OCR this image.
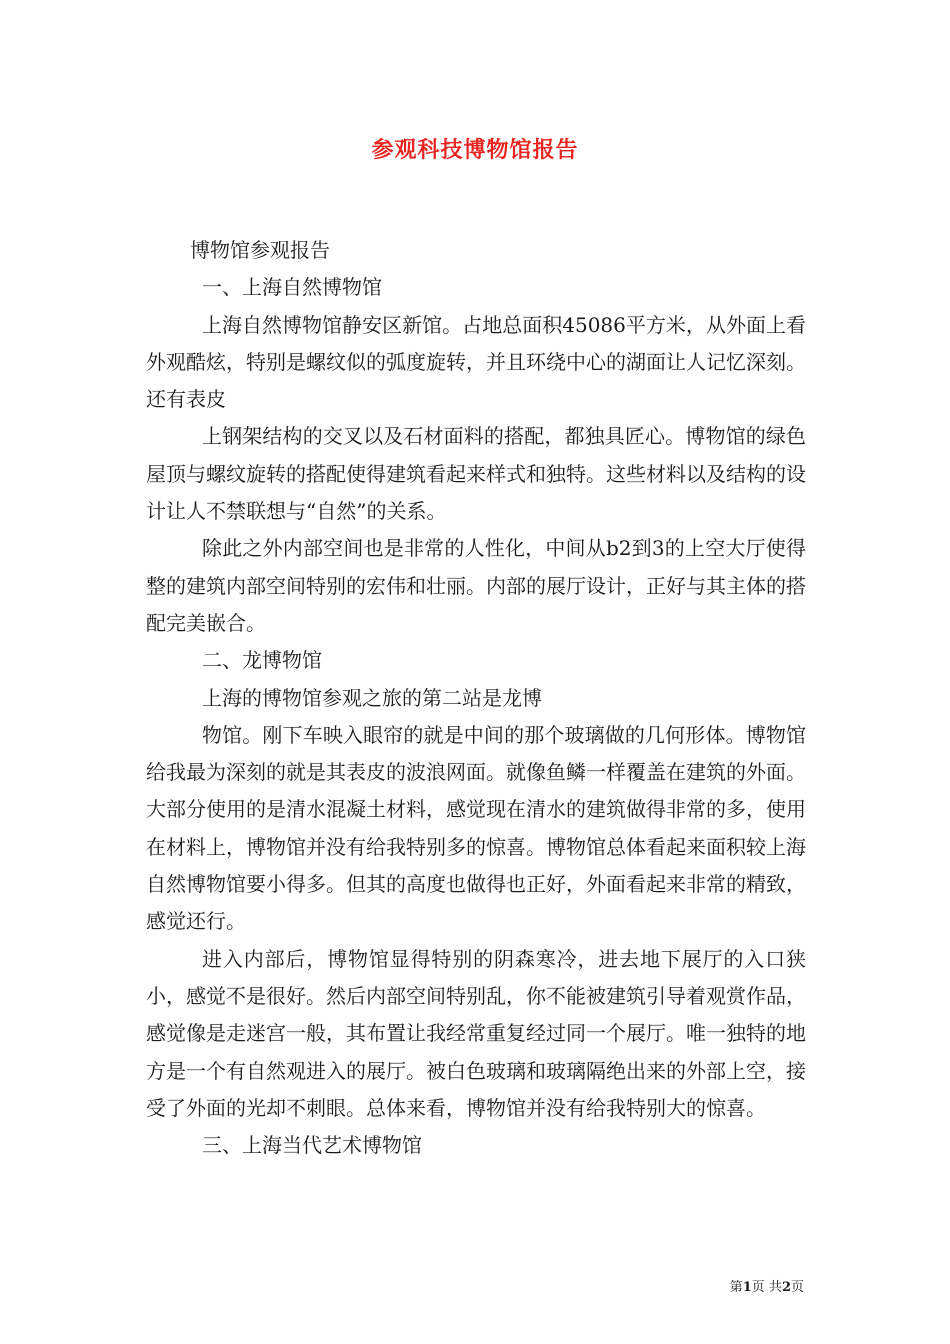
参观科技博物馆报告

博物馆参观报告

一、上海自然博物馆

上海自然博物馆静安区新馆。占地总面积45086平方米，从外面上看外观酷炫，特别是螺纹似的弧度旋转，并且环绕中心的湖面让人记忆深刻。还有表皮

上钢架结构的交叉以及石材面料的搭配，都独具匠心。博物馆的绿色屋顶与螺纹旋转的搭配使得建筑看起来样式和独特。这些材料以及结构的设计让人不禁联想与“自然”的关系。

除此之外内部空间也是非常的人性化，中间从b2到3的上空大厅使得整的建筑内部空间特别的宏伟和壮丽。内部的展厅设计，正好与其主体的搭配完美嵌合。

二、龙博物馆

上海的博物馆参观之旅的第二站是龙博

物馆。刚下车映入眼帘的就是中间的那个玻璃做的几何形体。博物馆给我最为深刻的就是其表皮的波浪网面。就像鱼鳞一样覆盖在建筑的外面。大部分使用的是清水混凝土材料，感觉现在清水的建筑做得非常的多，使用在材料上，博物馆并没有给我特别多的惊喜。博物馆总体看起来面积较上海自然博物馆要小得多。但其的高度也做得也正好，外面看起来非常的精致，感觉还行。

进入内部后，博物馆显得特别的阴森寒冷，进去地下展厅的入口狭小，感觉不是很好。然后内部空间特别乱，你不能被建筑引导着观赏作品，感觉像是走迷宫一般，其布置让我经常重复经过同一个展厅。唯一独特的地方是一个有自然观进入的展厅。被白色玻璃和玻璃隔绝出来的外部上空，接受了外面的光却不刺眼。总体来看，博物馆并没有给我特别大的惊喜。

三、上海当代艺术博物馆

第1页 共2页
